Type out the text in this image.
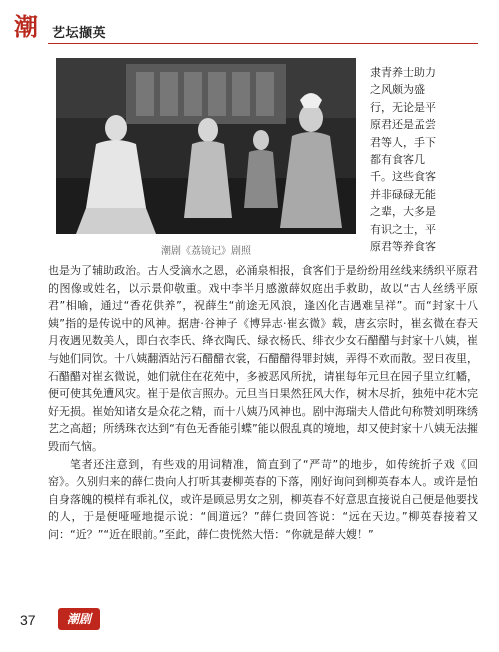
潮 艺坛撷英
潮剧《荔镜记》剧照
隶青养士助力
之风颇为盛
行，无论是平
原君还是孟尝
君等人，手下
都有食客几
千。这些食客
并非碌碌无能
之辈，大多是
有识之士，平
原君等养食客

也是为了辅助政治。古人受滴水之恩，必涌泉相报，食客们于是纷纷用丝线来绣织平原君的图像或姓名，以示景仰敬重。戏中李半月感激薛奴庭出手救助，故以“古人丝绣平原君”相喻，通过“香花供养”，祝薛生“前途无风浪，逢凶化吉遇难呈祥”。而“封家十八姨”指的是传说中的风神。据唐·谷神子《博异志·崔玄微》载，唐玄宗时，崔玄微在春天月夜遇见数美人，即白衣李氏、绛衣陶氏、绿衣杨氏、绯衣少女石醋醋与封家十八姨，崔与她们同饮。十八姨翻酒站污石醋醋衣裳，石醋醋得罪封姨，弄得不欢而散。翌日夜里，石醋醋对崔玄微说，她们就住在花苑中，多被恶风所扰，请崔每年元旦在园子里立红幡，便可使其免遭风灾。崔于是依言照办。元旦当日果然狂风大作，树木尽折，独苑中花木完好无损。崔始知诸女是众花之精，而十八姨乃风神也。剧中海瑞夫人借此句称赞刘明珠绣艺之高超；所绣珠衣达到“有色无香能引蝶”能以假乱真的境地，却又使封家十八姨无法摧毁而气恼。

笔者还注意到，有些戏的用词精准，简直到了“严苛”的地步，如传统折子戏《回窑》。久别归来的薛仁贵向人打听其妻柳英春的下落，刚好询问到柳英春本人。或许是怕自身落魄的模样有乖礼仪，或许是顾忌男女之别，柳英春不好意思直接说自己便是他要找的人，于是便哑哑地提示说：“阊道远？”薛仁贵回答说：“远在天边。”柳英春接着又问：“近？”“近在眼前。”至此，薛仁贵恍然大悟：“你就是薛大嫂！”

37	潮剧
